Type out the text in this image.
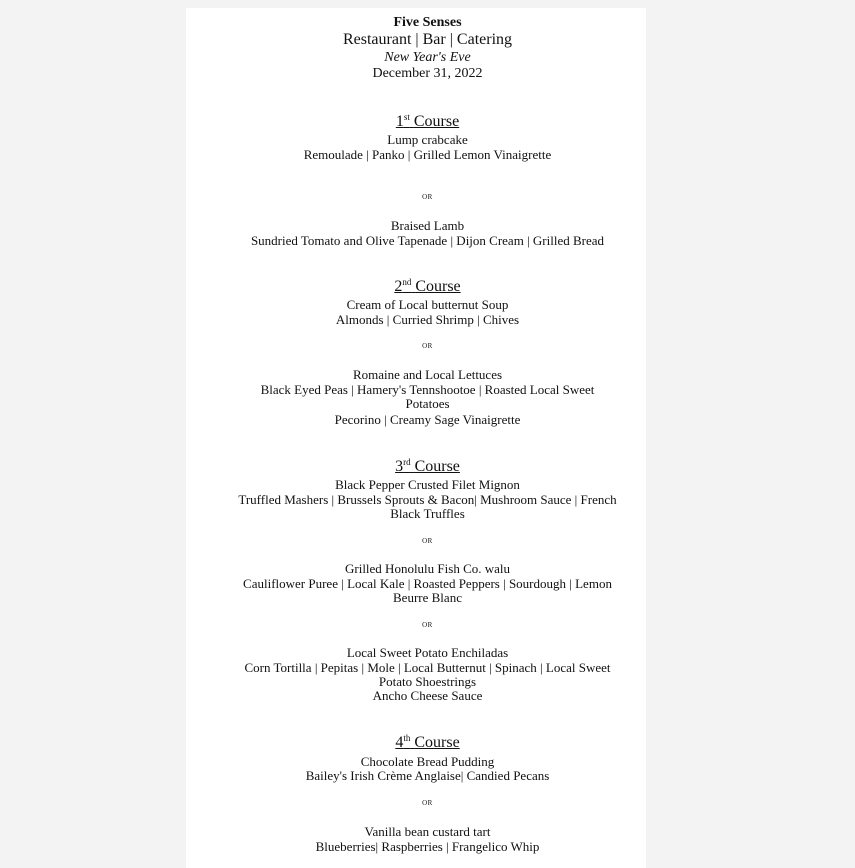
Five Senses
Restaurant | Bar | Catering
New Year's Eve
December 31, 2022
1st Course
Lump crabcake
Remoulade | Panko | Grilled Lemon Vinaigrette
OR
Braised Lamb
Sundried Tomato and Olive Tapenade | Dijon Cream | Grilled Bread
2nd Course
Cream of Local butternut Soup
Almonds | Curried Shrimp | Chives
OR
Romaine and Local Lettuces
Black Eyed Peas | Hamery's Tennshootoe | Roasted Local Sweet
Potatoes
Pecorino | Creamy Sage Vinaigrette
3rd Course
Black Pepper Crusted Filet Mignon
Truffled Mashers | Brussels Sprouts & Bacon| Mushroom Sauce | French
Black Truffles
OR
Grilled Honolulu Fish Co. walu
Cauliflower Puree | Local Kale | Roasted Peppers | Sourdough | Lemon
Beurre Blanc
OR
Local Sweet Potato Enchiladas
Corn Tortilla | Pepitas | Mole | Local Butternut | Spinach | Local Sweet
Potato Shoestrings
Ancho Cheese Sauce
4th Course
Chocolate Bread Pudding
Bailey's Irish Crème Anglaise| Candied Pecans
OR
Vanilla bean custard tart
Blueberries| Raspberries | Frangelico Whip
